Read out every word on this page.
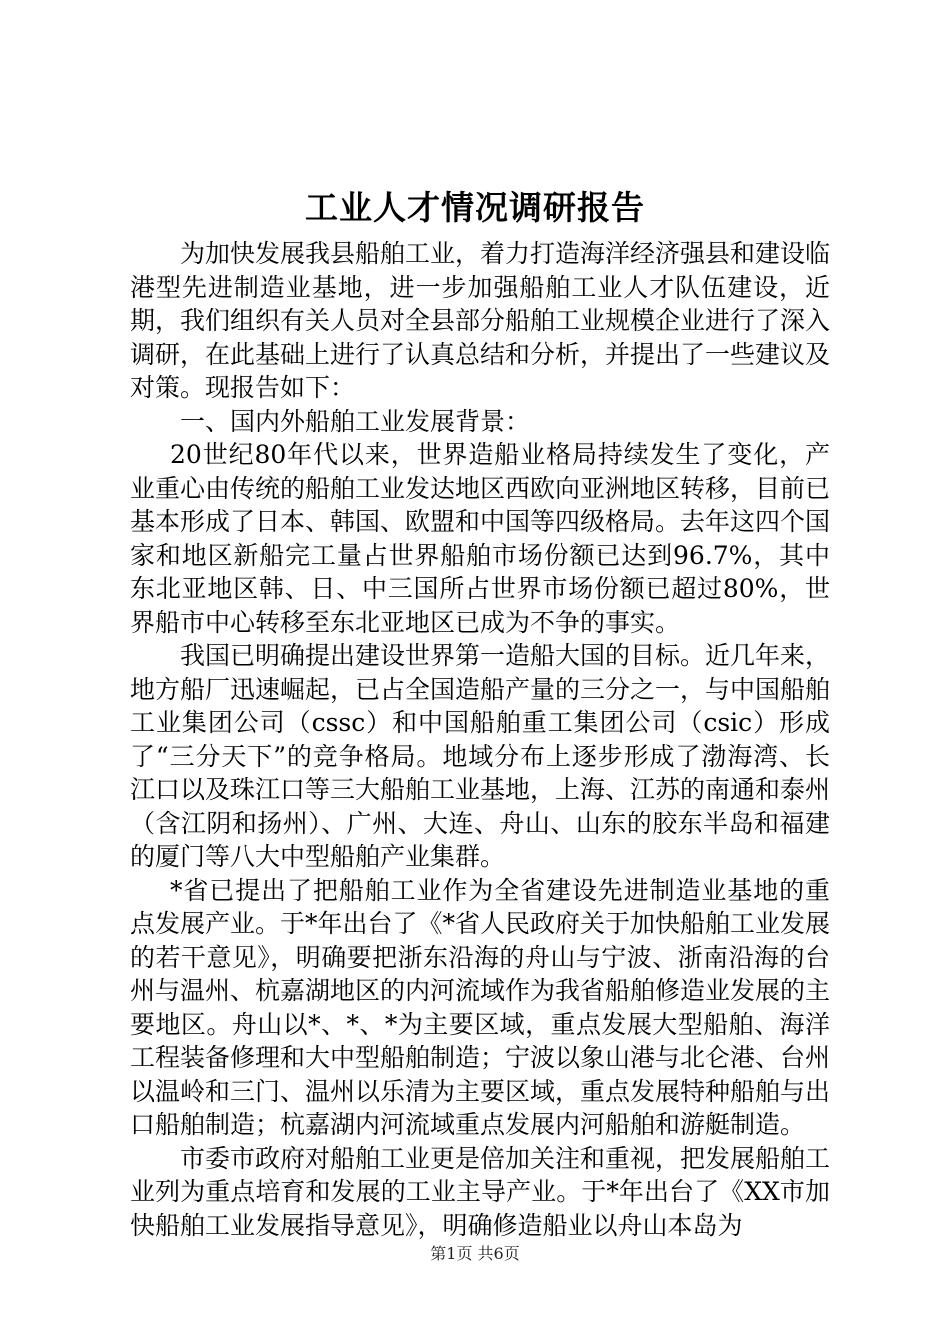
工业人才情况调研报告

为加快发展我县船舶工业，着力打造海洋经济强县和建设临港型先进制造业基地，进一步加强船舶工业人才队伍建设，近期，我们组织有关人员对全县部分船舶工业规模企业进行了深入调研，在此基础上进行了认真总结和分析，并提出了一些建议及对策。现报告如下：

一、国内外船舶工业发展背景：

20世纪80年代以来，世界造船业格局持续发生了变化，产业重心由传统的船舶工业发达地区西欧向亚洲地区转移，目前已基本形成了日本、韩国、欧盟和中国等四级格局。去年这四个国家和地区新船完工量占世界船舶市场份额已达到96.7%，其中东北亚地区韩、日、中三国所占世界市场份额已超过80%，世界船市中心转移至东北亚地区已成为不争的事实。

我国已明确提出建设世界第一造船大国的目标。近几年来，地方船厂迅速崛起，已占全国造船产量的三分之一，与中国船舶工业集团公司（cssc）和中国船舶重工集团公司（csic）形成了“三分天下”的竞争格局。地域分布上逐步形成了渤海湾、长江口以及珠江口等三大船舶工业基地，上海、江苏的南通和泰州（含江阴和扬州）、广州、大连、舟山、山东的胶东半岛和福建的厦门等八大中型船舶产业集群。

*省已提出了把船舶工业作为全省建设先进制造业基地的重点发展产业。于*年出台了《*省人民政府关于加快船舶工业发展的若干意见》，明确要把浙东沿海的舟山与宁波、浙南沿海的台州与温州、杭嘉湖地区的内河流域作为我省船舶修造业发展的主要地区。舟山以*、*、*为主要区域，重点发展大型船舶、海洋工程装备修理和大中型船舶制造；宁波以象山港与北仑港、台州以温岭和三门、温州以乐清为主要区域，重点发展特种船舶与出口船舶制造；杭嘉湖内河流域重点发展内河船舶和游艇制造。

市委市政府对船舶工业更是倍加关注和重视，把发展船舶工业列为重点培育和发展的工业主导产业。于*年出台了《XX市加快船舶工业发展指导意见》，明确修造船业以舟山本岛为

第1页 共6页
